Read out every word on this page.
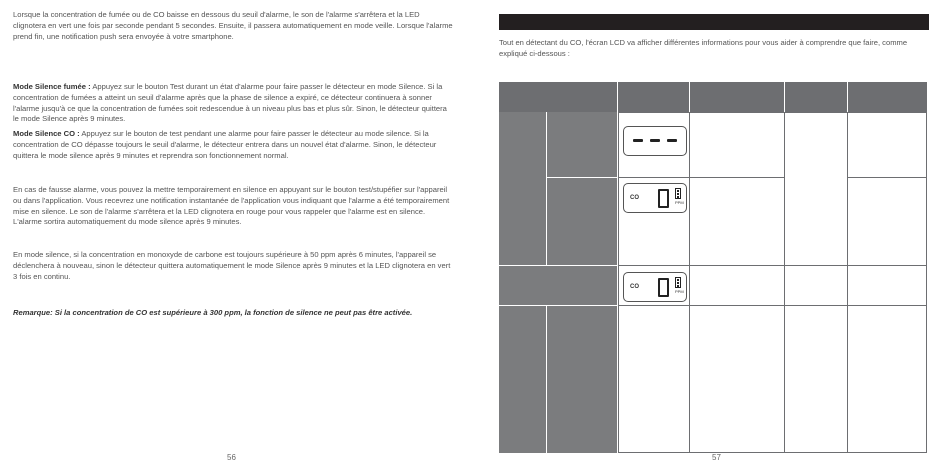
Lorsque la concentration de fumée ou de CO baisse en dessous du seuil d'alarme, le son de l'alarme s'arrêtera et la LED clignotera en vert une fois par seconde pendant 5 secondes. Ensuite, il passera automatiquement en mode veille. Lorsque l'alarme prend fin, une notification push sera envoyée à votre smartphone.

Mode Silence fumée : Appuyez sur le bouton Test durant un état d'alarme pour faire passer le détecteur en mode Silence. Si la concentration de fumées a atteint un seuil d'alarme après que la phase de silence a expiré, ce détecteur continuera à sonner l'alarme jusqu'à ce que la concentration de fumées soit redescendue à un niveau plus bas et plus sûr. Sinon, le détecteur quittera le mode Silence après 9 minutes.

Mode Silence CO : Appuyez sur le bouton de test pendant une alarme pour faire passer le détecteur au mode silence. Si la concentration de CO dépasse toujours le seuil d'alarme, le détecteur entrera dans un nouvel état d'alarme. Sinon, le détecteur quittera le mode silence après 9 minutes et reprendra son fonctionnement normal.

En cas de fausse alarme, vous pouvez la mettre temporairement en silence en appuyant sur le bouton test/stupéfier sur l'appareil ou dans l'application. Vous recevrez une notification instantanée de l'application vous indiquant que l'alarme a été temporairement mise en silence. Le son de l'alarme s'arrêtera et la LED clignotera en rouge pour vous rappeler que l'alarme est en silence. L'alarme sortira automatiquement du mode silence après 9 minutes.

En mode silence, si la concentration en monoxyde de carbone est toujours supérieure à 50 ppm après 6 minutes, l'appareil se déclenchera à nouveau, sinon le détecteur quittera automatiquement le mode Silence après 9 minutes et la LED clignotera en vert 3 fois en continu.

Remarque: Si la concentration de CO est supérieure à 300 ppm, la fonction de silence ne peut pas être activée.

56

Tout en détectant du CO, l'écran LCD va afficher différentes informations pour vous aider à comprendre que faire, comme expliqué ci-dessous :

CO
PPM
CO
PPM
57
